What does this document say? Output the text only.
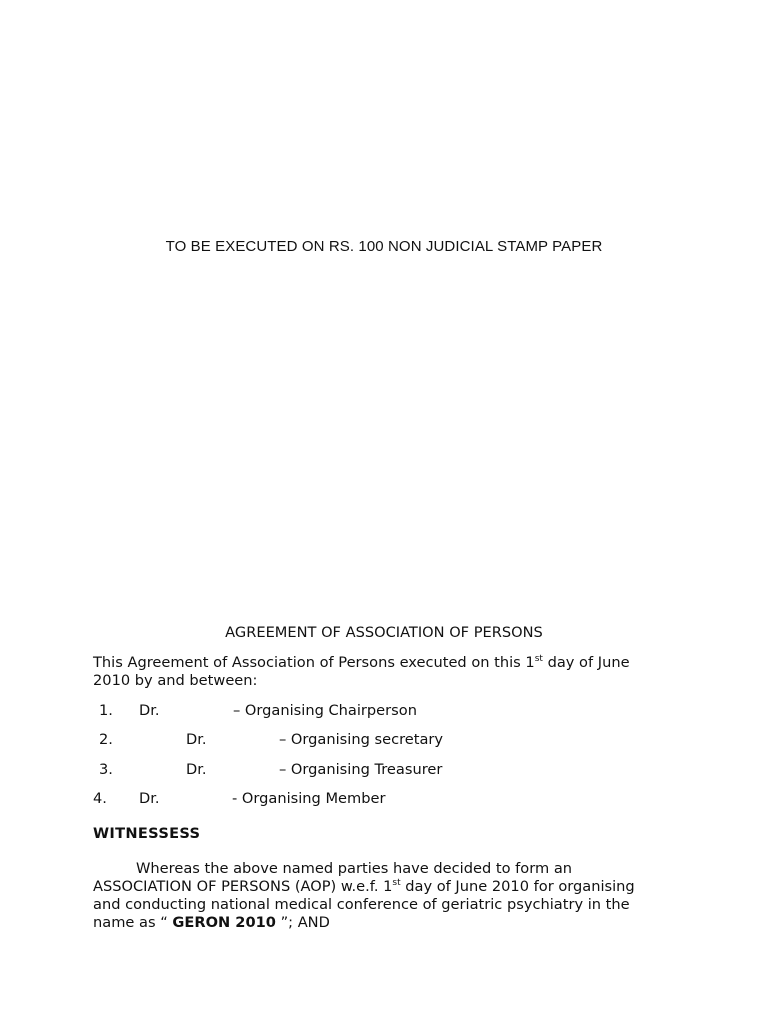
TO BE EXECUTED ON RS. 100 NON JUDICIAL STAMP PAPER
AGREEMENT OF ASSOCIATION OF PERSONS
This Agreement of Association of Persons executed on this 1st day of June
2010 by and between:
1. Dr.	– Organising Chairperson
2.	Dr.	– Organising secretary
3.	Dr.	– Organising Treasurer
4. Dr.	- Organising Member
WITNESSESS
Whereas the above named parties have decided to form an
ASSOCIATION OF PERSONS (AOP) w.e.f. 1st day of June 2010 for organising
and conducting national medical conference of geriatric psychiatry in the
name as “ GERON 2010 ”; AND
